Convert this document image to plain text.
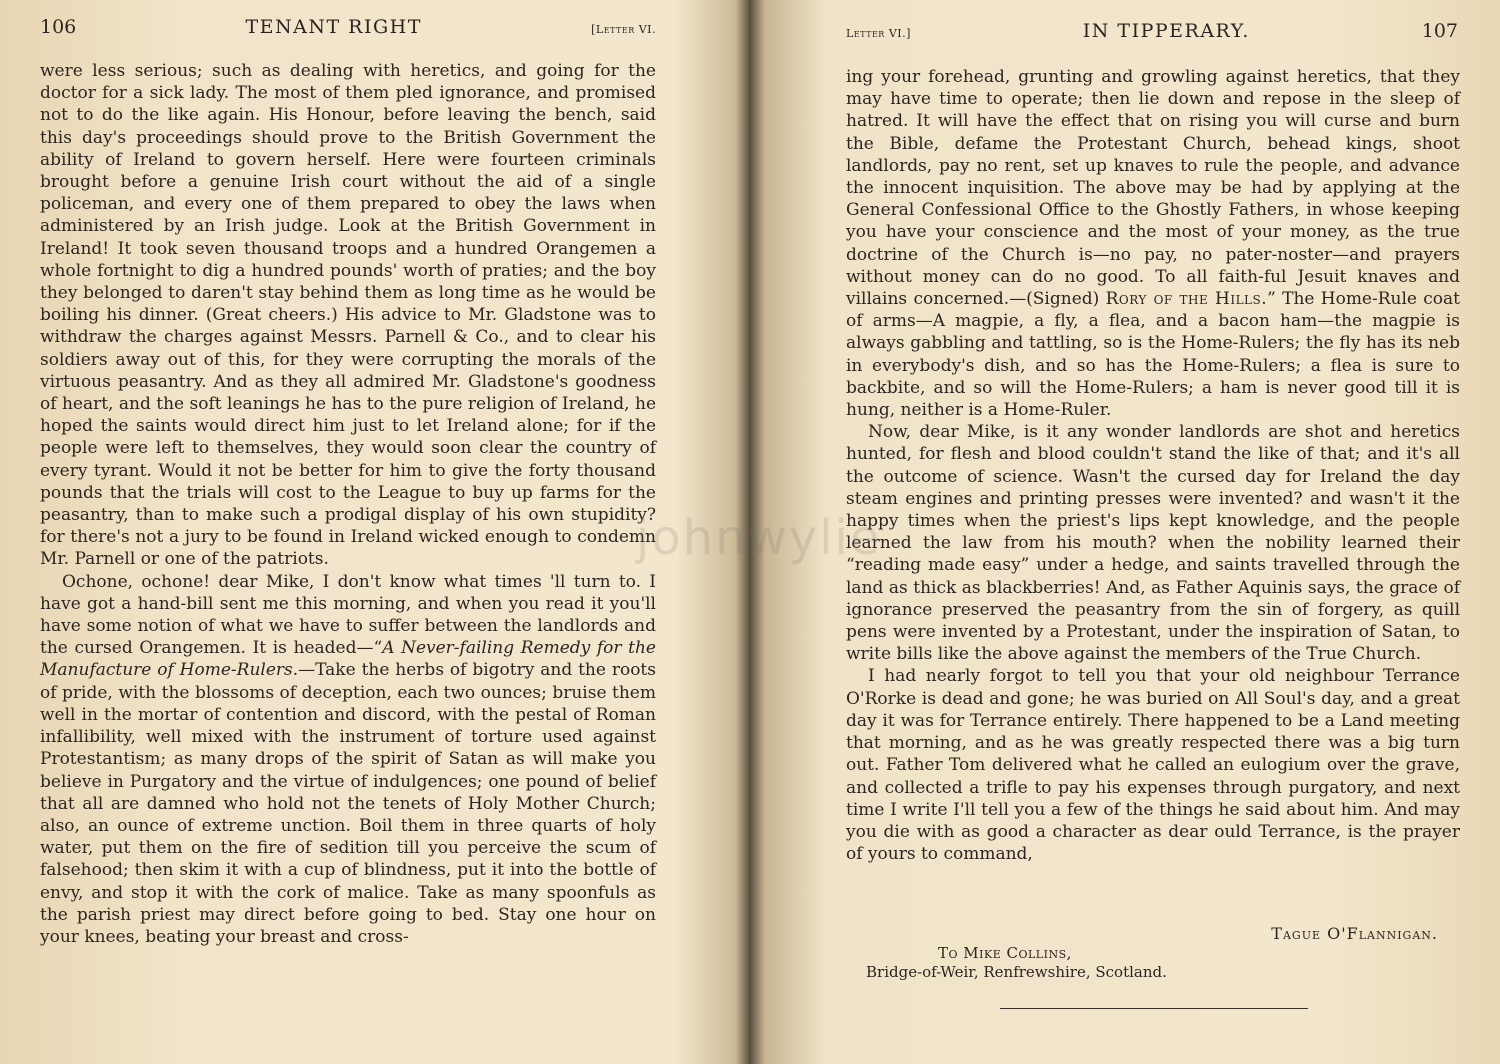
106	TENANT RIGHT	[Letter VI.

were less serious; such as dealing with heretics, and going for the doctor for a sick lady. The most of them pled ignorance, and promised not to do the like again. His Honour, before leaving the bench, said this day's proceedings should prove to the British Government the ability of Ireland to govern herself. Here were fourteen criminals brought before a genuine Irish court without the aid of a single policeman, and every one of them prepared to obey the laws when administered by an Irish judge. Look at the British Government in Ireland! It took seven thousand troops and a hundred Orangemen a whole fortnight to dig a hundred pounds' worth of praties; and the boy they belonged to daren't stay behind them as long time as he would be boiling his dinner. (Great cheers.) His advice to Mr. Gladstone was to withdraw the charges against Messrs. Parnell & Co., and to clear his soldiers away out of this, for they were corrupting the morals of the virtuous peasantry. And as they all admired Mr. Gladstone's goodness of heart, and the soft leanings he has to the pure religion of Ireland, he hoped the saints would direct him just to let Ireland alone; for if the people were left to themselves, they would soon clear the country of every tyrant. Would it not be better for him to give the forty thousand pounds that the trials will cost to the League to buy up farms for the peasantry, than to make such a prodigal display of his own stupidity? for there's not a jury to be found in Ireland wicked enough to condemn Mr. Parnell or one of the patriots.

Ochone, ochone! dear Mike, I don't know what times 'll turn to. I have got a hand-bill sent me this morning, and when you read it you'll have some notion of what we have to suffer between the landlords and the cursed Orangemen. It is headed—“A Never-failing Remedy for the Manufacture of Home-Rulers.—Take the herbs of bigotry and the roots of pride, with the blossoms of deception, each two ounces; bruise them well in the mortar of contention and discord, with the pestal of Roman infallibility, well mixed with the instrument of torture used against Protestantism; as many drops of the spirit of Satan as will make you believe in Purgatory and the virtue of indulgences; one pound of belief that all are damned who hold not the tenets of Holy Mother Church; also, an ounce of extreme unction. Boil them in three quarts of holy water, put them on the fire of sedition till you perceive the scum of falsehood; then skim it with a cup of blindness, put it into the bottle of envy, and stop it with the cork of malice. Take as many spoonfuls as the parish priest may direct before going to bed. Stay one hour on your knees, beating your breast and cross-

Letter VI.]	IN TIPPERARY.	107

ing your forehead, grunting and growling against heretics, that they may have time to operate; then lie down and repose in the sleep of hatred. It will have the effect that on rising you will curse and burn the Bible, defame the Protestant Church, behead kings, shoot landlords, pay no rent, set up knaves to rule the people, and advance the innocent inquisition. The above may be had by applying at the General Confessional Office to the Ghostly Fathers, in whose keeping you have your conscience and the most of your money, as the true doctrine of the Church is—no pay, no pater-noster—and prayers without money can do no good. To all faith-ful Jesuit knaves and villains concerned.—(Signed) Rory of the Hills.” The Home-Rule coat of arms—A magpie, a fly, a flea, and a bacon ham—the magpie is always gabbling and tattling, so is the Home-Rulers; the fly has its neb in everybody's dish, and so has the Home-Rulers; a flea is sure to backbite, and so will the Home-Rulers; a ham is never good till it is hung, neither is a Home-Ruler.

Now, dear Mike, is it any wonder landlords are shot and heretics hunted, for flesh and blood couldn't stand the like of that; and it's all the outcome of science. Wasn't the cursed day for Ireland the day steam engines and printing presses were invented? and wasn't it the happy times when the priest's lips kept knowledge, and the people learned the law from his mouth? when the nobility learned their “reading made easy” under a hedge, and saints travelled through the land as thick as blackberries! And, as Father Aquinis says, the grace of ignorance preserved the peasantry from the sin of forgery, as quill pens were invented by a Protestant, under the inspiration of Satan, to write bills like the above against the members of the True Church.

I had nearly forgot to tell you that your old neighbour Terrance O'Rorke is dead and gone; he was buried on All Soul's day, and a great day it was for Terrance entirely. There happened to be a Land meeting that morning, and as he was greatly respected there was a big turn out. Father Tom delivered what he called an eulogium over the grave, and collected a trifle to pay his expenses through purgatory, and next time I write I'll tell you a few of the things he said about him. And may you die with as good a character as dear ould Terrance, is the prayer of yours to command,

Tague O'Flannigan.
To Mike Collins,
Bridge-of-Weir, Renfrewshire, Scotland.
johnwylie
